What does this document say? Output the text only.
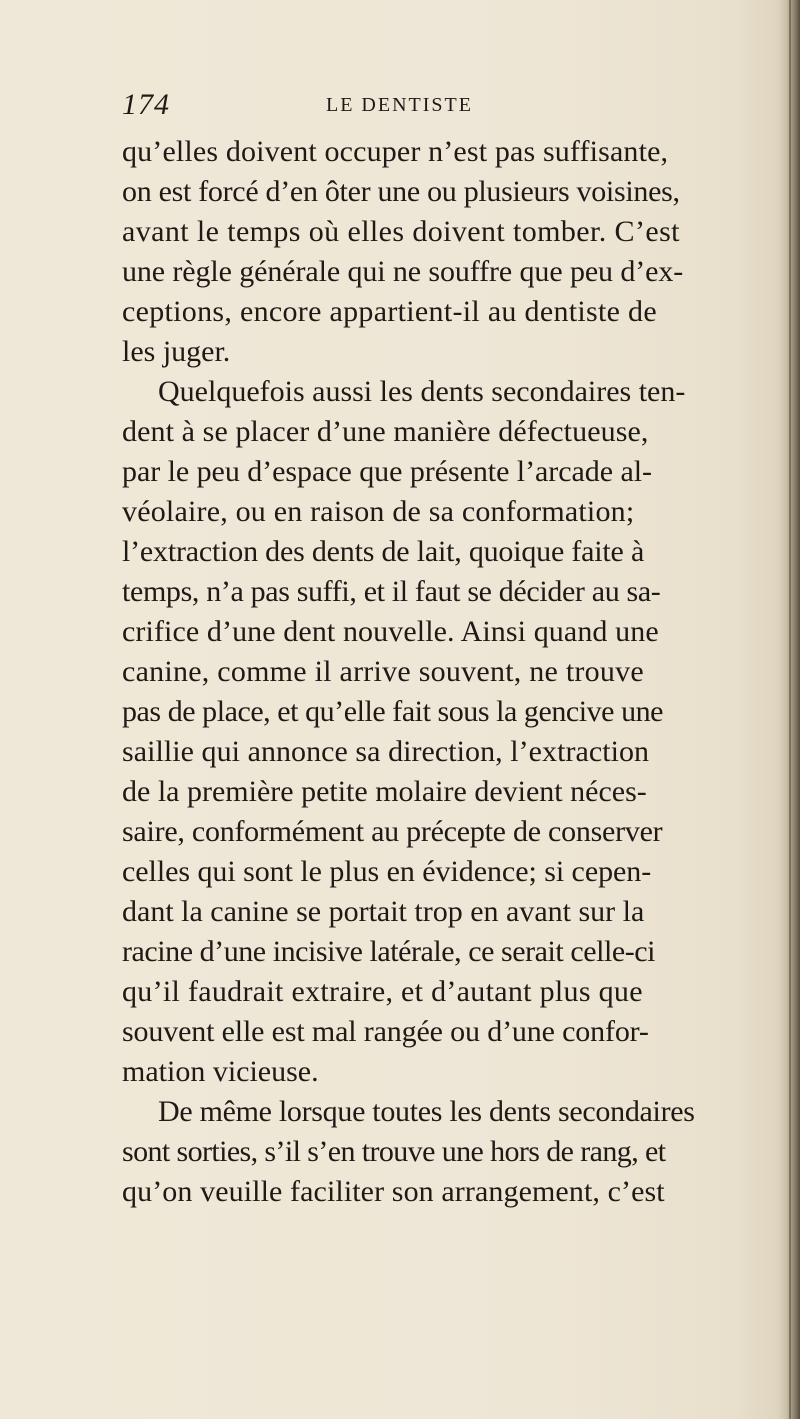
174	LE DENTISTE
qu’elles doivent occuper n’est pas suffisante,
on est forcé d’en ôter une ou plusieurs voisines,
avant le temps où elles doivent tomber. C’est
une règle générale qui ne souffre que peu d’ex-
ceptions, encore appartient-il au dentiste de
les juger.
Quelquefois aussi les dents secondaires ten-
dent à se placer d’une manière défectueuse,
par le peu d’espace que présente l’arcade al-
véolaire, ou en raison de sa conformation;
l’extraction des dents de lait, quoique faite à
temps, n’a pas suffi, et il faut se décider au sa-
crifice d’une dent nouvelle. Ainsi quand une
canine, comme il arrive souvent, ne trouve
pas de place, et qu’elle fait sous la gencive une
saillie qui annonce sa direction, l’extraction
de la première petite molaire devient néces-
saire, conformément au précepte de conserver
celles qui sont le plus en évidence; si cepen-
dant la canine se portait trop en avant sur la
racine d’une incisive latérale, ce serait celle-ci
qu’il faudrait extraire, et d’autant plus que
souvent elle est mal rangée ou d’une confor-
mation vicieuse.
De même lorsque toutes les dents secondaires
sont sorties, s’il s’en trouve une hors de rang, et
qu’on veuille faciliter son arrangement, c’est
